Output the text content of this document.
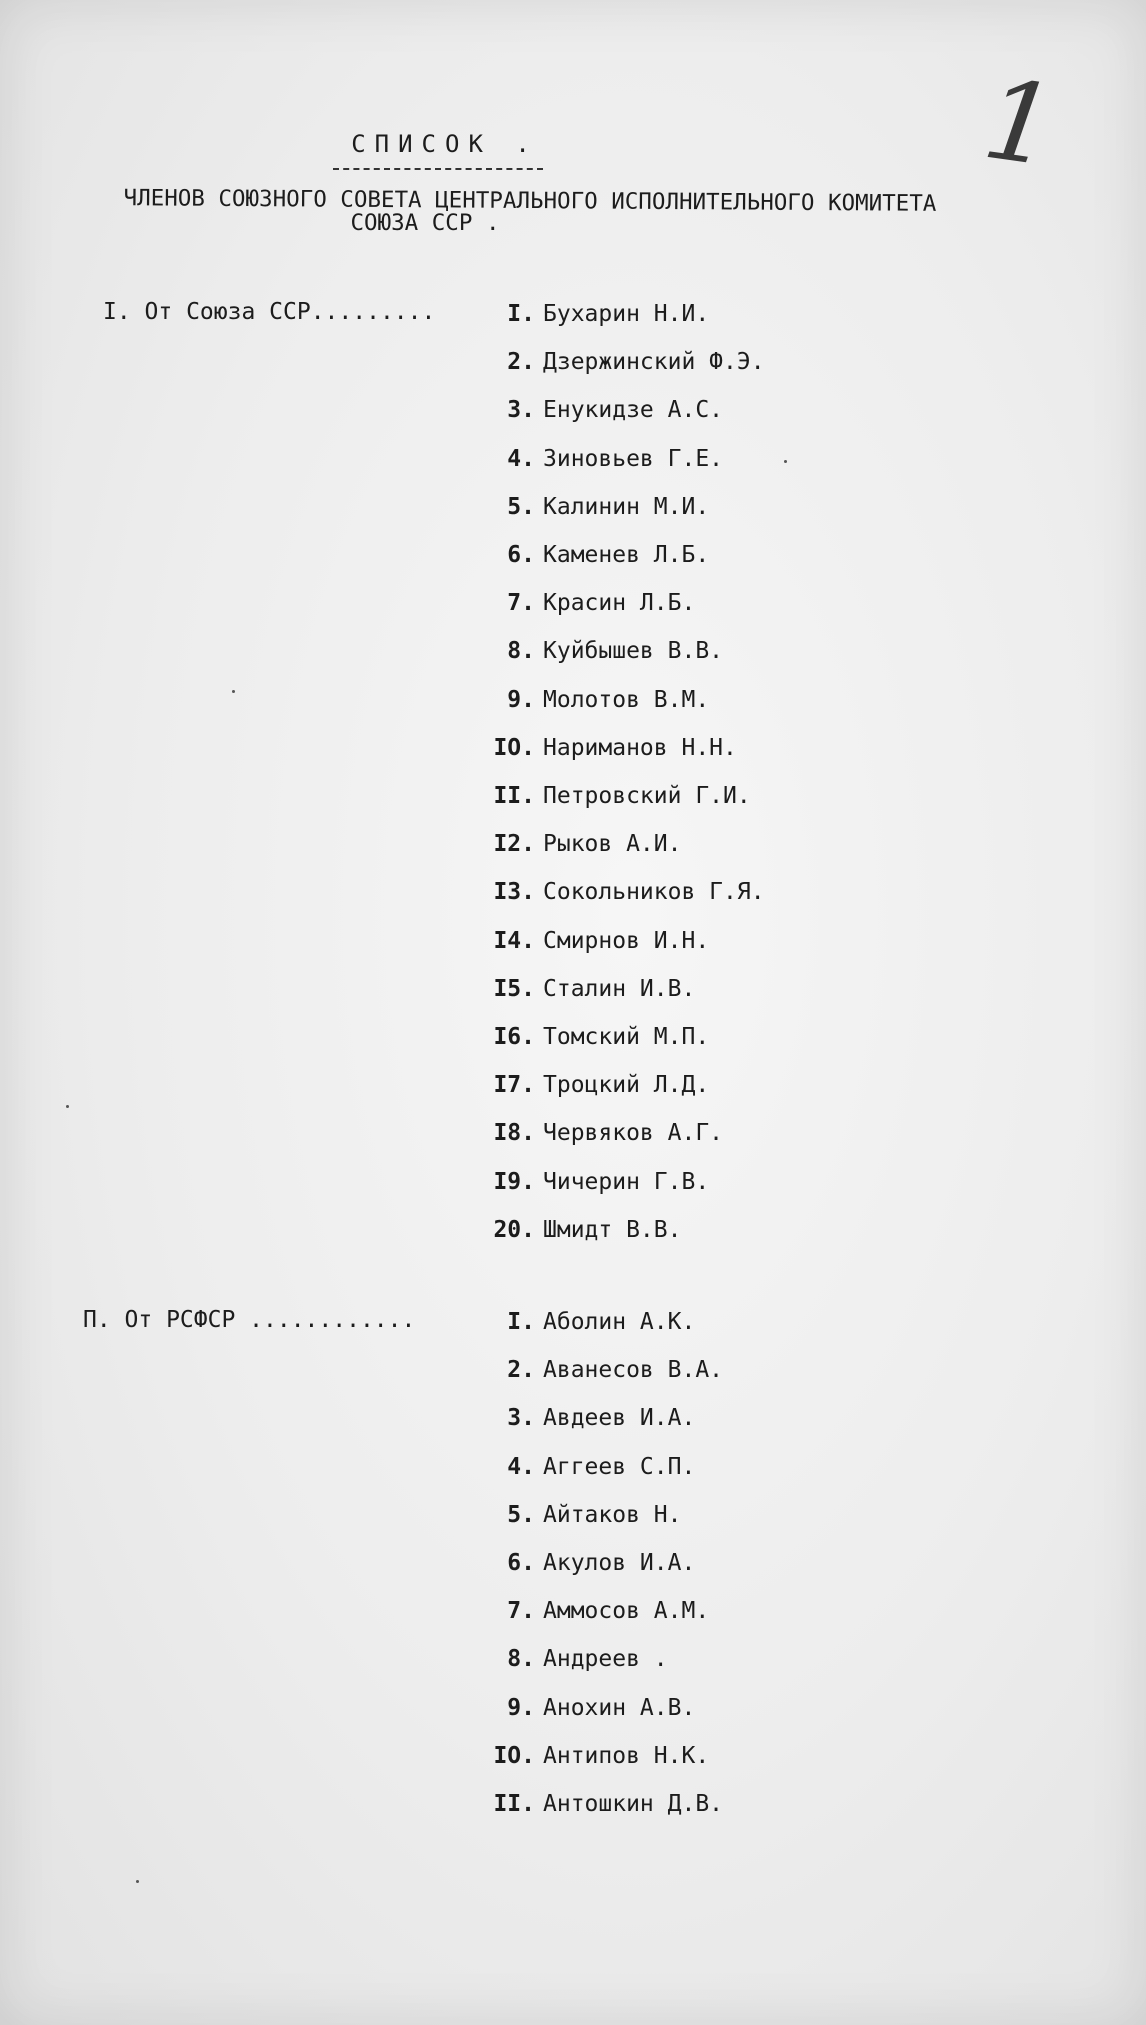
1
СПИСОК .
ЧЛЕНОВ СОЮЗНОГО СОВЕТА ЦЕНТРАЛЬНОГО ИСПОЛНИТЕЛЬНОГО КОМИТЕТА
СОЮЗА ССР .
I. От Союза ССР.........
П. От РСФСР ............
I. Бухарин Н.И.
2. Дзержинский Ф.Э.
3. Енукидзе А.С.
4. Зиновьев Г.Е.
5. Калинин М.И.
6. Каменев Л.Б.
7. Красин Л.Б.
8. Куйбышев В.В.
9. Молотов В.М.
IO. Нариманов Н.Н.
II. Петровский Г.И.
I2. Рыков А.И.
I3. Сокольников Г.Я.
I4. Смирнов И.Н.
I5. Сталин И.В.
I6. Томский М.П.
I7. Троцкий Л.Д.
I8. Червяков А.Г.
I9. Чичерин Г.В.
20. Шмидт В.В.
I. Аболин А.К.
2. Аванесов В.А.
3. Авдеев И.А.
4. Аггеев С.П.
5. Айтаков Н.
6. Акулов И.А.
7. Аммосов А.М.
8. Андреев .
9. Анохин А.В.
IO. Антипов Н.К.
II. Антошкин Д.В.
